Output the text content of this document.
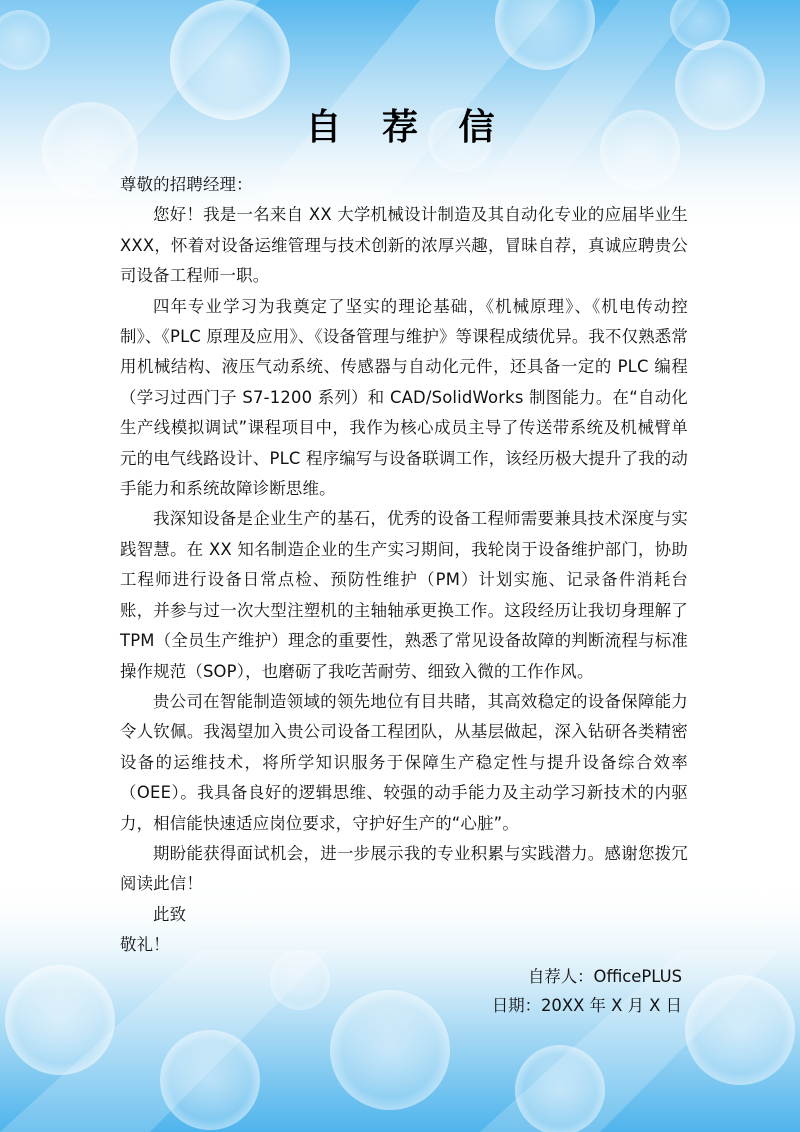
自 荐 信

尊敬的招聘经理：

您好！我是一名来自 XX 大学机械设计制造及其自动化专业的应届毕业生 XXX，怀着对设备运维管理与技术创新的浓厚兴趣，冒昧自荐，真诚应聘贵公司设备工程师一职。

四年专业学习为我奠定了坚实的理论基础，《机械原理》、《机电传动控制》、《PLC 原理及应用》、《设备管理与维护》等课程成绩优异。我不仅熟悉常用机械结构、液压气动系统、传感器与自动化元件，还具备一定的 PLC 编程（学习过西门子 S7-1200 系列）和 CAD/SolidWorks 制图能力。在“自动化生产线模拟调试”课程项目中，我作为核心成员主导了传送带系统及机械臂单元的电气线路设计、PLC 程序编写与设备联调工作，该经历极大提升了我的动手能力和系统故障诊断思维。

我深知设备是企业生产的基石，优秀的设备工程师需要兼具技术深度与实践智慧。在 XX 知名制造企业的生产实习期间，我轮岗于设备维护部门，协助工程师进行设备日常点检、预防性维护（PM）计划实施、记录备件消耗台账，并参与过一次大型注塑机的主轴轴承更换工作。这段经历让我切身理解了 TPM（全员生产维护）理念的重要性，熟悉了常见设备故障的判断流程与标准操作规范（SOP），也磨砺了我吃苦耐劳、细致入微的工作作风。

贵公司在智能制造领域的领先地位有目共睹，其高效稳定的设备保障能力令人钦佩。我渴望加入贵公司设备工程团队，从基层做起，深入钻研各类精密设备的运维技术，将所学知识服务于保障生产稳定性与提升设备综合效率（OEE）。我具备良好的逻辑思维、较强的动手能力及主动学习新技术的内驱力，相信能快速适应岗位要求，守护好生产的“心脏”。

期盼能获得面试机会，进一步展示我的专业积累与实践潜力。感谢您拨冗阅读此信！

此致

敬礼！

自荐人：OfficePLUS
日期：20XX 年 X 月 X 日
